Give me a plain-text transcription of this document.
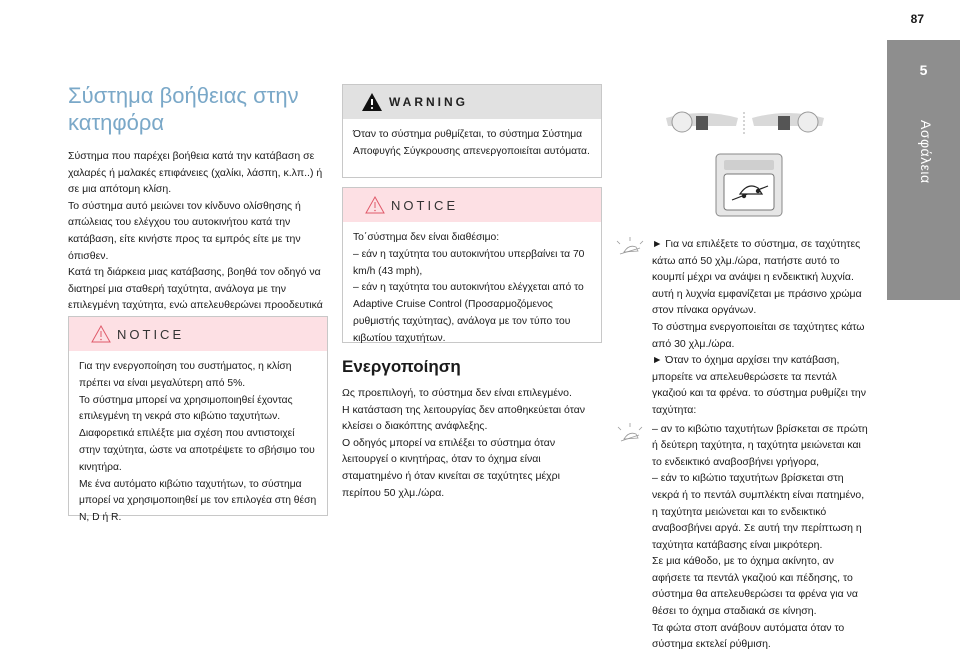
87
5
Ασφάλεια
Σύστημα βοήθειας στην κατηφόρα

Σύστημα που παρέχει βοήθεια κατά την κατάβαση σε χαλαρές ή μαλακές επιφάνειες (χαλίκι, λάσπη, κ.λπ..) ή σε μια απότομη κλίση.
Το σύστημα αυτό μειώνει τον κίνδυνο ολίσθησης ή απώλειας του ελέγχου του αυτοκινήτου κατά την κατάβαση, είτε κινήστε προς τα εμπρός είτε με την όπισθεν.
Κατά τη διάρκεια μιας κατάβασης, βοηθά τον οδηγό να διατηρεί μια σταθερή ταχύτητα, ανάλογα με την επιλεγμένη ταχύτητα, ενώ απελευθερώνει προοδευτικά

NOTICE
Για την ενεργοποίηση του συστήματος, η κλίση πρέπει να είναι μεγαλύτερη από 5%.
Το σύστημα μπορεί να χρησιμοποιηθεί έχοντας επιλεγμένη τη νεκρά στο κιβώτιο ταχυτήτων.
Διαφορετικά επιλέξτε μια σχέση που αντιστοιχεί στην ταχύτητα, ώστε να αποτρέψετε το σβήσιμο του κινητήρα.
Με ένα αυτόματο κιβώτιο ταχυτήτων, το σύστημα μπορεί να χρησιμοποιηθεί με τον επιλογέα στη θέση N, D ή R.
WARNING
Όταν το σύστημα ρυθμίζεται, το σύστημα Σύστημα Αποφυγής Σύγκρουσης απενεργοποιείται αυτόματα.
NOTICE
Το΄σύστημα δεν είναι διαθέσιμο:
– εάν η ταχύτητα του αυτοκινήτου υπερβαίνει τα 70 km/h (43 mph),
– εάν η ταχύτητα του αυτοκινήτου ελέγχεται από το Adaptive Cruise Control (Προσαρμοζόμενος ρυθμιστής ταχύτητας), ανάλογα με τον τύπο του κιβωτίου ταχυτήτων.
Ενεργοποίηση

Ως προεπιλογή, το σύστημα δεν είναι επιλεγμένο.
Η κατάσταση της λειτουργίας δεν αποθηκεύεται όταν κλείσει ο διακόπτης ανάφλεξης.
Ο οδηγός μπορεί να επιλέξει το σύστημα όταν λειτουργεί ο κινητήρας, όταν το όχημα είναι σταματημένο ή όταν κινείται σε ταχύτητες μέχρι περίπου 50 χλμ./ώρα.

► Για να επιλέξετε το σύστημα, σε ταχύτητες κάτω από 50 χλμ./ώρα, πατήστε αυτό το κουμπί μέχρι να ανάψει η ενδεικτική λυχνία. αυτή η λυχνία εμφανίζεται με πράσινο χρώμα στον πίνακα οργάνων.
Το σύστημα ενεργοποιείται σε ταχύτητες κάτω από 30 χλμ./ώρα.
► Όταν το όχημα αρχίσει την κατάβαση, μπορείτε να απελευθερώσετε τα πεντάλ γκαζιού και τα φρένα. το σύστημα ρυθμίζει την ταχύτητα:

– αν το κιβώτιο ταχυτήτων βρίσκεται σε πρώτη ή δεύτερη ταχύτητα, η ταχύτητα μειώνεται και το ενδεικτικό αναβοσβήνει γρήγορα,
– εάν το κιβώτιο ταχυτήτων βρίσκεται στη νεκρά ή το πεντάλ συμπλέκτη είναι πατημένο, η ταχύτητα μειώνεται και το ενδεικτικό αναβοσβήνει αργά. Σε αυτή την περίπτωση η ταχύτητα κατάβασης είναι μικρότερη.
Σε μια κάθοδο, με το όχημα ακίνητο, αν αφήσετε τα πεντάλ γκαζιού και πέδησης, το σύστημα θα απελευθερώσει τα φρένα για να θέσει το όχημα σταδιακά σε κίνηση.
Τα φώτα στοπ ανάβουν αυτόματα όταν το σύστημα εκτελεί ρύθμιση.
